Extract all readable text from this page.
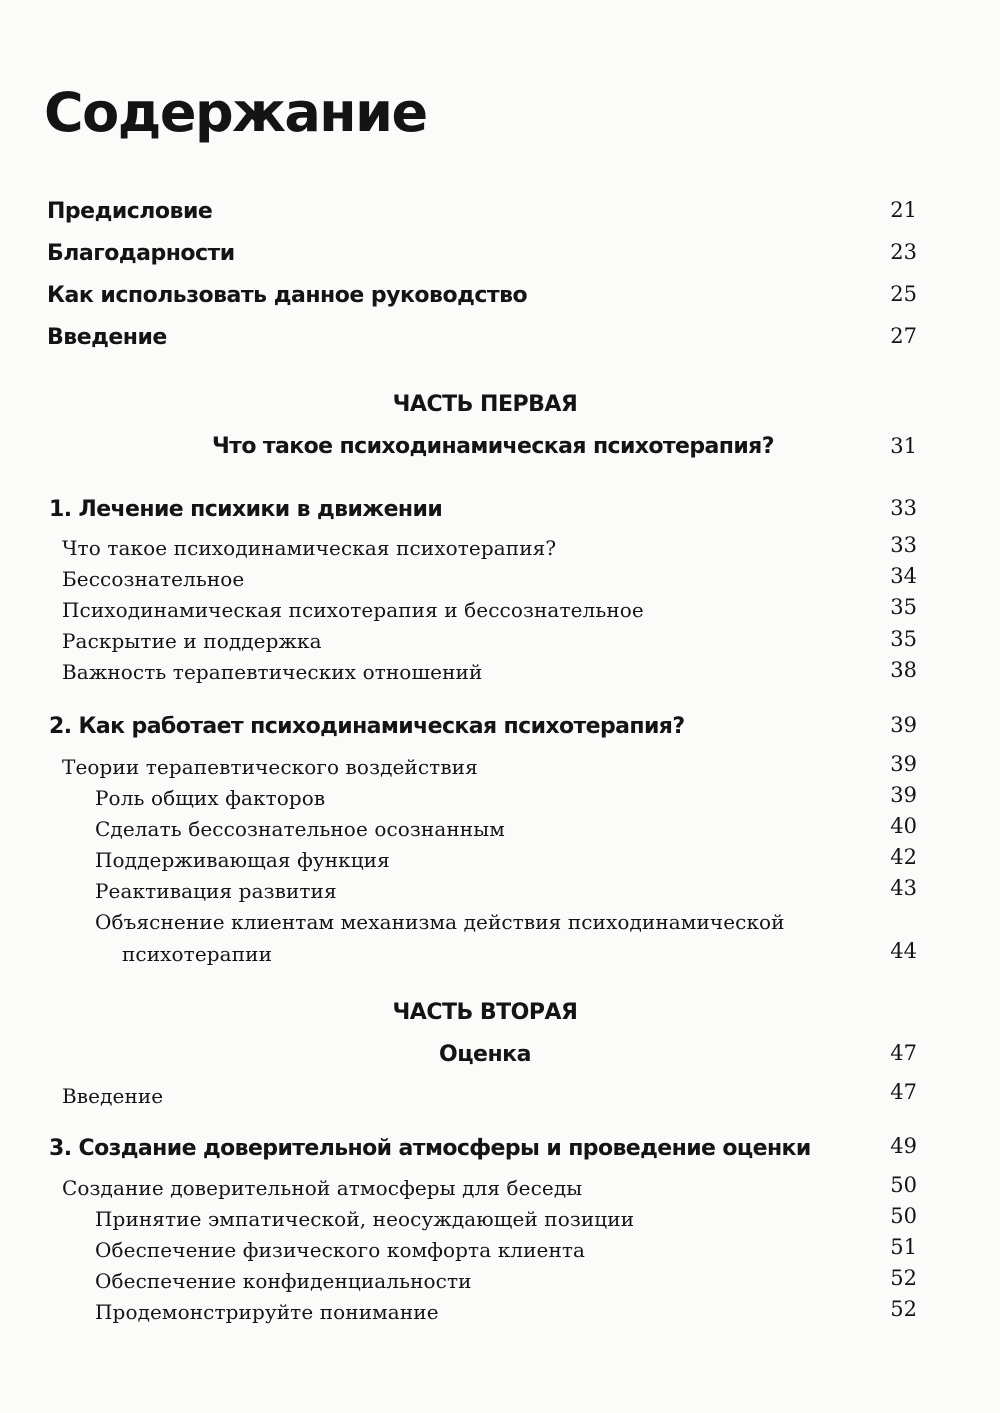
Содержание
Предисловие	21
Благодарности	23
Как использовать данное руководство	25
Введение	27
ЧАСТЬ ПЕРВАЯ
Что такое психодинамическая психотерапия?	31
1. Лечение психики в движении	33
Что такое психодинамическая психотерапия?	33
Бессознательное	34
Психодинамическая психотерапия и бессознательное	35
Раскрытие и поддержка	35
Важность терапевтических отношений	38
2. Как работает психодинамическая психотерапия?	39
Теории терапевтического воздействия	39
Роль общих факторов	39
Сделать бессознательное осознанным	40
Поддерживающая функция	42
Реактивация развития	43
Объяснение клиентам механизма действия психодинамической
психотерапии	44
ЧАСТЬ ВТОРАЯ
Оценка	47
Введение	47
3. Создание доверительной атмосферы и проведение оценки	49
Создание доверительной атмосферы для беседы	50
Принятие эмпатической, неосуждающей позиции	50
Обеспечение физического комфорта клиента	51
Обеспечение конфиденциальности	52
Продемонстрируйте понимание	52
